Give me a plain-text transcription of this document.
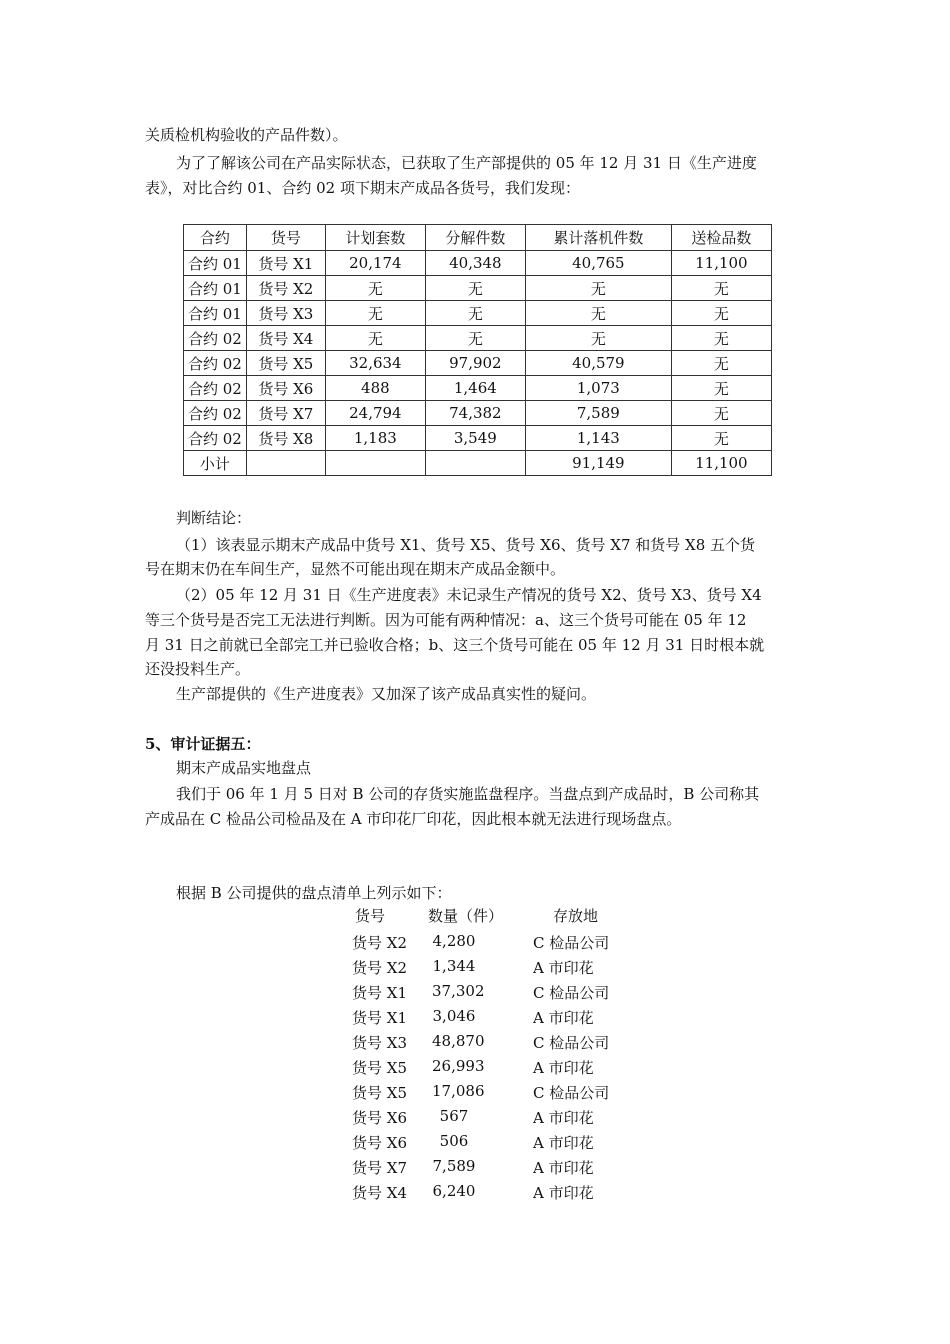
关质检机构验收的产品件数）。
为了了解该公司在产品实际状态，已获取了生产部提供的 05 年 12 月 31 日《生产进度
表》，对比合约 01、合约 02 项下期末产成品各货号，我们发现：
合约	货号	计划套数	分解件数	累计落机件数	送检品数
合约 01	货号 X1	20,174	40,348	40,765	11,100
合约 01	货号 X2	无	无	无	无
合约 01	货号 X3	无	无	无	无
合约 02	货号 X4	无	无	无	无
合约 02	货号 X5	32,634	97,902	40,579	无
合约 02	货号 X6	488	1,464	1,073	无
合约 02	货号 X7	24,794	74,382	7,589	无
合约 02	货号 X8	1,183	3,549	1,143	无
小计				91,149	11,100
判断结论：
（1）该表显示期末产成品中货号 X1、货号 X5、货号 X6、货号 X7 和货号 X8 五个货
号在期末仍在车间生产，显然不可能出现在期末产成品金额中。
（2）05 年 12 月 31 日《生产进度表》未记录生产情况的货号 X2、货号 X3、货号 X4
等三个货号是否完工无法进行判断。因为可能有两种情况：a、这三个货号可能在 05 年 12
月 31 日之前就已全部完工并已验收合格；b、这三个货号可能在 05 年 12 月 31 日时根本就
还没投料生产。
生产部提供的《生产进度表》又加深了该产成品真实性的疑问。
5、审计证据五：
期末产成品实地盘点
我们于 06 年 1 月 5 日对 B 公司的存货实施监盘程序。当盘点到产成品时，B 公司称其
产成品在 C 检品公司检品及在 A 市印花厂印花，因此根本就无法进行现场盘点。
根据 B 公司提供的盘点清单上列示如下：
货号	数量（件）	存放地
货号 X2 4,280	C 检品公司
货号 X2 1,344	A 市印花
货号 X1 37,302	C 检品公司
货号 X1 3,046	A 市印花
货号 X3 48,870	C 检品公司
货号 X5 26,993	A 市印花
货号 X5 17,086	C 检品公司
货号 X6	567	A 市印花
货号 X6	506	A 市印花
货号 X7 7,589	A 市印花
货号 X4 6,240	A 市印花
